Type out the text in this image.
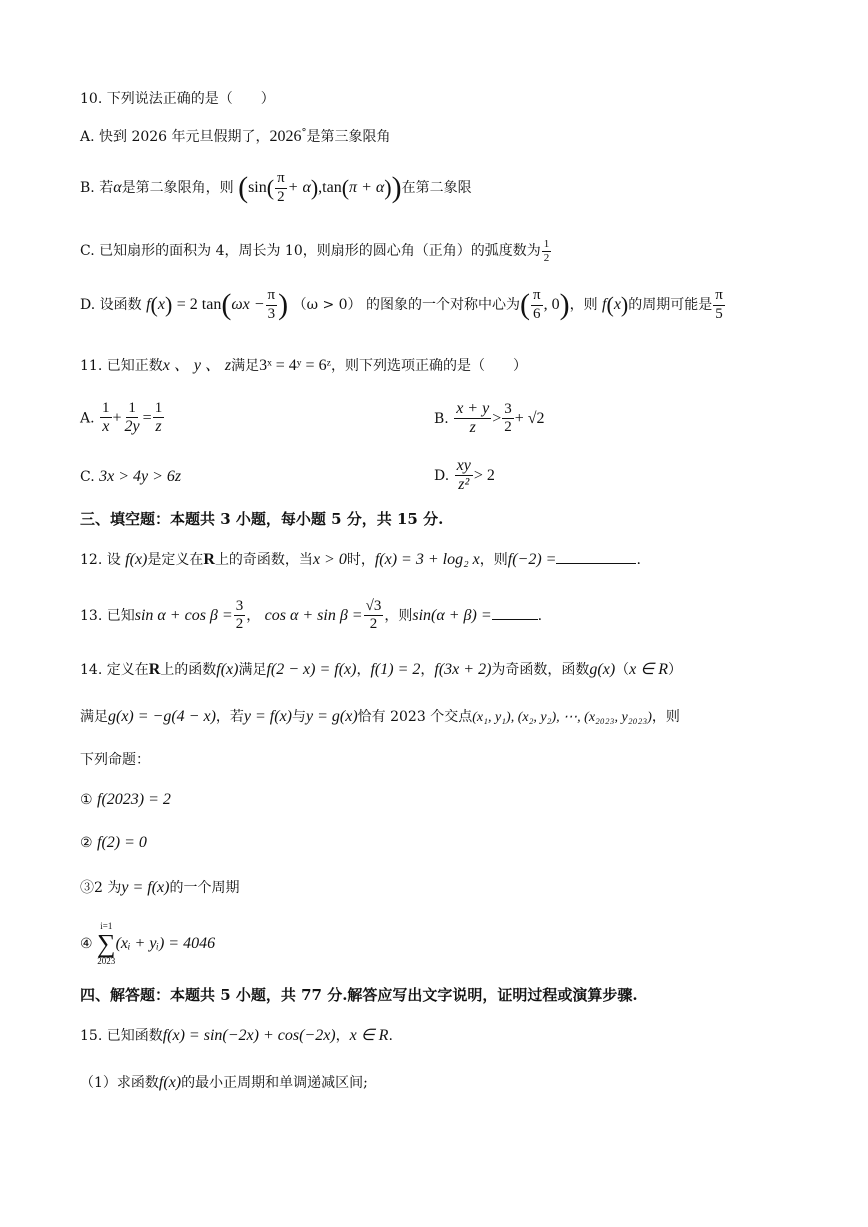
10. 下列说法正确的是（　　）
A. 快到 2026 年元旦假期了，2026°是第三象限角
B. 若α是第二象限角，则 $(\sin( \frac{\pi}{2} + \alpha),\tan(\pi + \alpha))$在第二象限
C. 已知扇形的面积为 4，周长为 10，则扇形的圆心角（正角）的弧度数为 $\frac{1}{2}$
D. 设函数 f(x) = 2 $\tan(\omega x - \frac{\pi}{3}$ ) （ω > 0） 的图象的一个对称中心为( $\frac{\pi}{6}$ , 0)，则 f(x)的周期可能是 $\frac{\pi}{5}$
11. 已知正数x 、 y 、 z满足3ˣ = 4ʸ = 6ᶻ，则下列选项正确的是（　　）
A. $\frac{1}{x} + \frac{1}{2y} = \frac{1}{z}$	B. $\frac{x + y}{z} > \frac{3}{2} + √2$
C. 3x > 4y > 6z	D. $\frac{xy}{\text{z²}} > 2$
三、填空题：本题共 3 小题，每小题 5 分，共 15 分.
12. 设 f(x)是定义在R上的奇函数，当x > 0时，f(x) = 3 + log₂ x，则f(−2) =	.
13. 已知$\sin \alpha + \cos \beta = \frac{3}{2}$ ， $\cos \alpha + \sin \beta = \frac{√3}{2}$ ，则sin(α + β) =	.
14. 定义在R上的函数f(x)满足f(2 − x) = f(x)，f(1) = 2，f(3x + 2)为奇函数，函数g(x)（x ∈ R）
满足g(x) = −g(4 − x)，若y = f(x)与y = g(x)恰有 2023 个交点(x₁, y₁), (x₂, y₂), ⋯, (x₂₀₂₃, y₂₀₂₃)，则
下列命题：
① f(2023) = 2
② f(2) = 0
③2 为y = f(x)的一个周期
④
i=1
∑
2023
(xᵢ + yᵢ) = 4046
四、解答题：本题共 5 小题，共 77 分.解答应写出文字说明，证明过程或演算步骤.
15. 已知函数f(x) = sin(−2x) + cos(−2x)，x ∈ R.
（1）求函数f(x)的最小正周期和单调递减区间;
